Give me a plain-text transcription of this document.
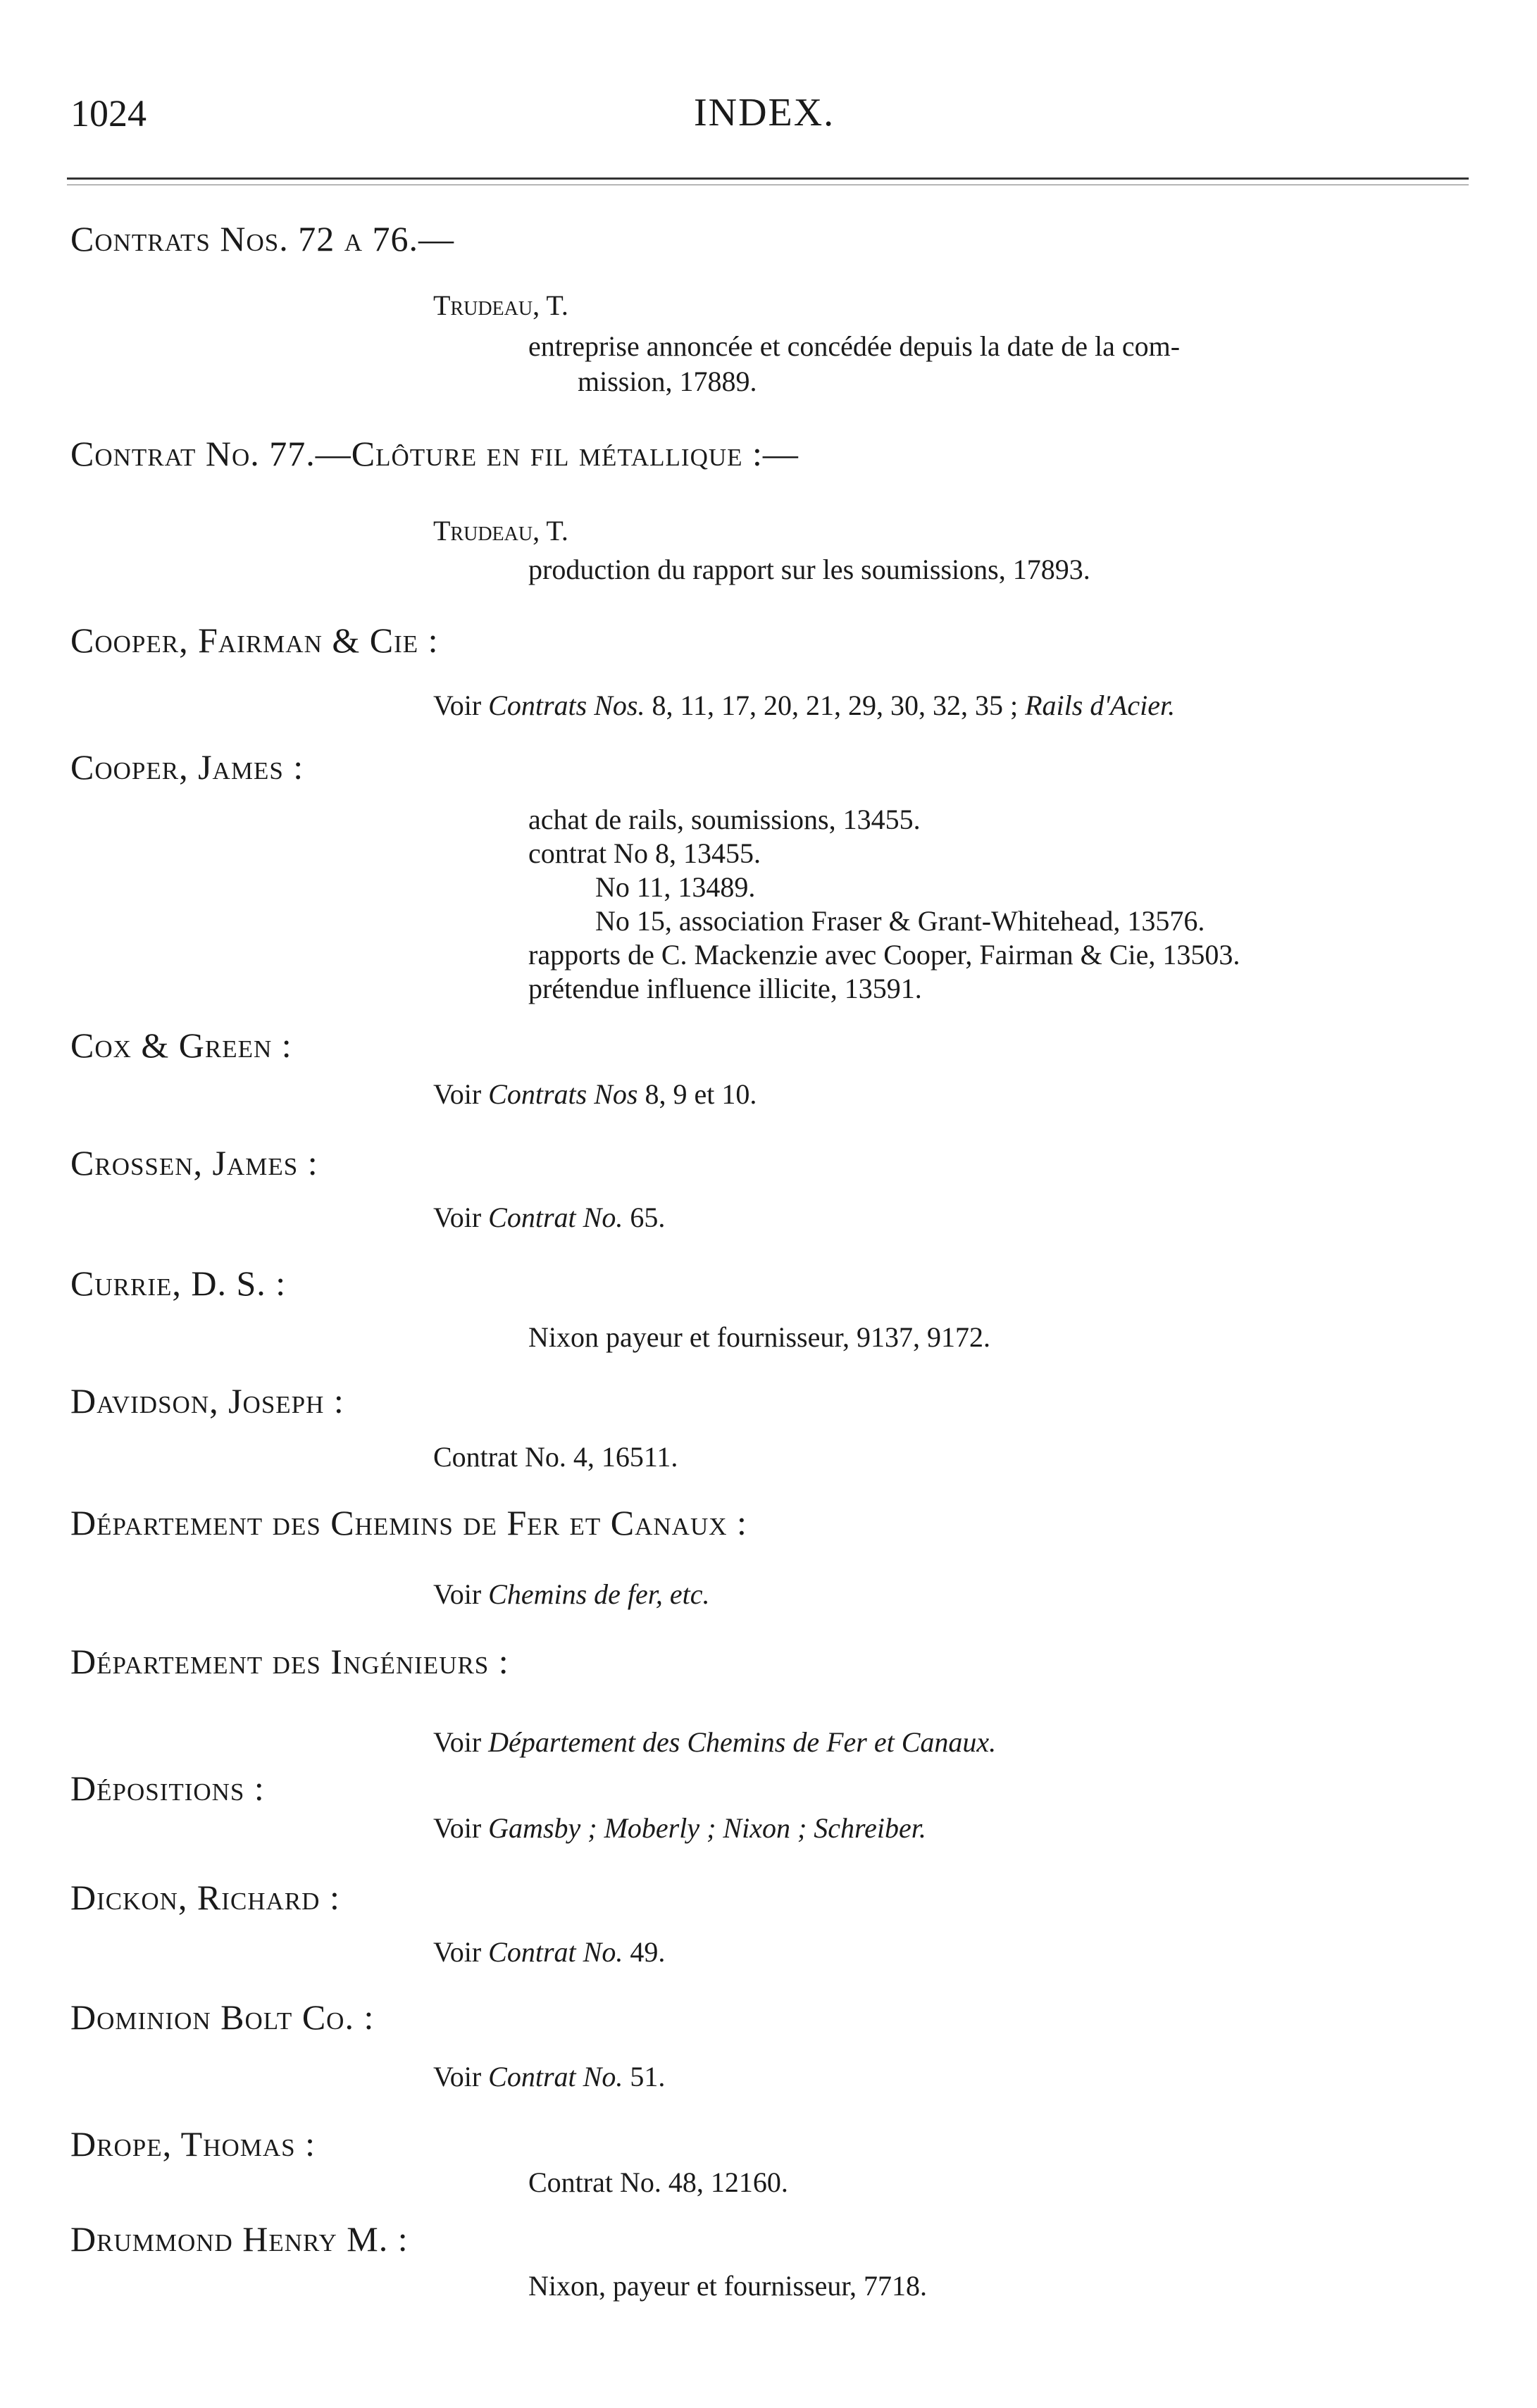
1024	INDEX.
Contrats Nos. 72 a 76.—
Trudeau, T.
entreprise annoncée et concédée depuis la date de la com-
mission, 17889.
Contrat No. 77.—Clôture en fil métallique :—
Trudeau, T.
production du rapport sur les soumissions, 17893.
Cooper, Fairman & Cie :
Voir Contrats Nos. 8, 11, 17, 20, 21, 29, 30, 32, 35 ; Rails d'Acier.
Cooper, James :
achat de rails, soumissions, 13455.
contrat No 8, 13455.
No 11, 13489.
No 15, association Fraser & Grant-Whitehead, 13576.
rapports de C. Mackenzie avec Cooper, Fairman & Cie, 13503.
prétendue influence illicite, 13591.
Cox & Green :
Voir Contrats Nos 8, 9 et 10.
Crossen, James :
Voir Contrat No. 65.
Currie, D. S. :
Nixon payeur et fournisseur, 9137, 9172.
Davidson, Joseph :
Contrat No. 4, 16511.
Département des Chemins de Fer et Canaux :
Voir Chemins de fer, etc.
Département des Ingénieurs :
Voir Département des Chemins de Fer et Canaux.
Dépositions :
Voir Gamsby ; Moberly ; Nixon ; Schreiber.
Dickon, Richard :
Voir Contrat No. 49.
Dominion Bolt Co. :
Voir Contrat No. 51.
Drope, Thomas :
Contrat No. 48, 12160.
Drummond Henry M. :
Nixon, payeur et fournisseur, 7718.
